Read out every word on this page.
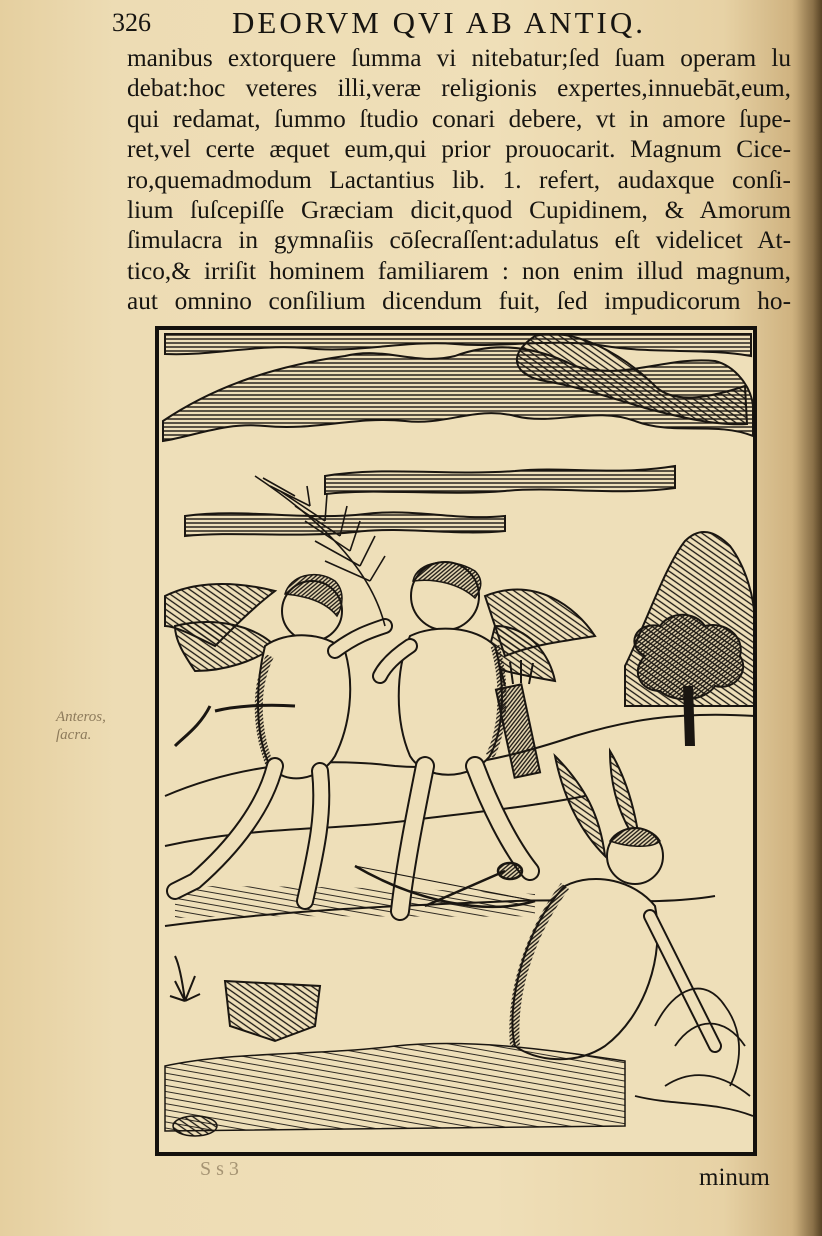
326	DEORVM QVI AB ANTIQ.
manibus extorquere ſumma vi nitebatur;ſed ſuam operam lu
debat:hoc veteres illi,veræ religionis expertes,innuebāt,eum,
qui redamat, ſummo ſtudio conari debere, vt in amore ſupe-
ret,vel certe æquet eum,qui prior prouocarit. Magnum Cice-
ro,quemadmodum Lactantius lib. 1. refert, audaxque conſi-
lium ſuſcepiſſe Græciam dicit,quod Cupidinem, & Amorum
ſimulacra in gymnaſiis cōſecraſſent:adulatus eſt videlicet At-
tico,& irriſit hominem familiarem : non enim illud magnum,
aut omnino conſilium dicendum fuit, ſed impudicorum ho-
Anteros, ſacra.
S s 3	minum
